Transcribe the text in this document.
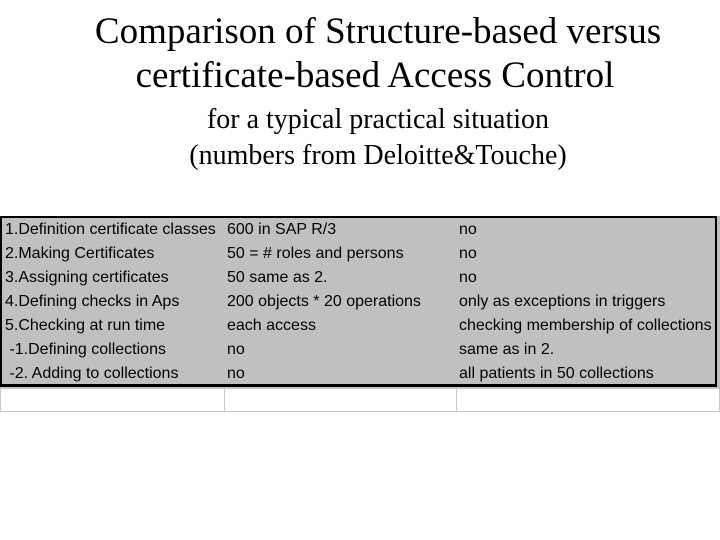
Comparison of Structure-based versus
certificate-based Access Control
for a typical practical situation
(numbers from Deloitte&Touche)
1.Definition certificate classes 600 in SAP R/3	no
2.Making Certificates	50 = # roles and persons	no
3.Assigning certificates	50 same as 2.	no
4.Defining checks in Aps	200 objects * 20 operations	only as exceptions in triggers
5.Checking at run time	each access	checking membership of collections
-1.Defining collections	no	same as in 2.
-2. Adding to collections	no	all patients in 50 collections
